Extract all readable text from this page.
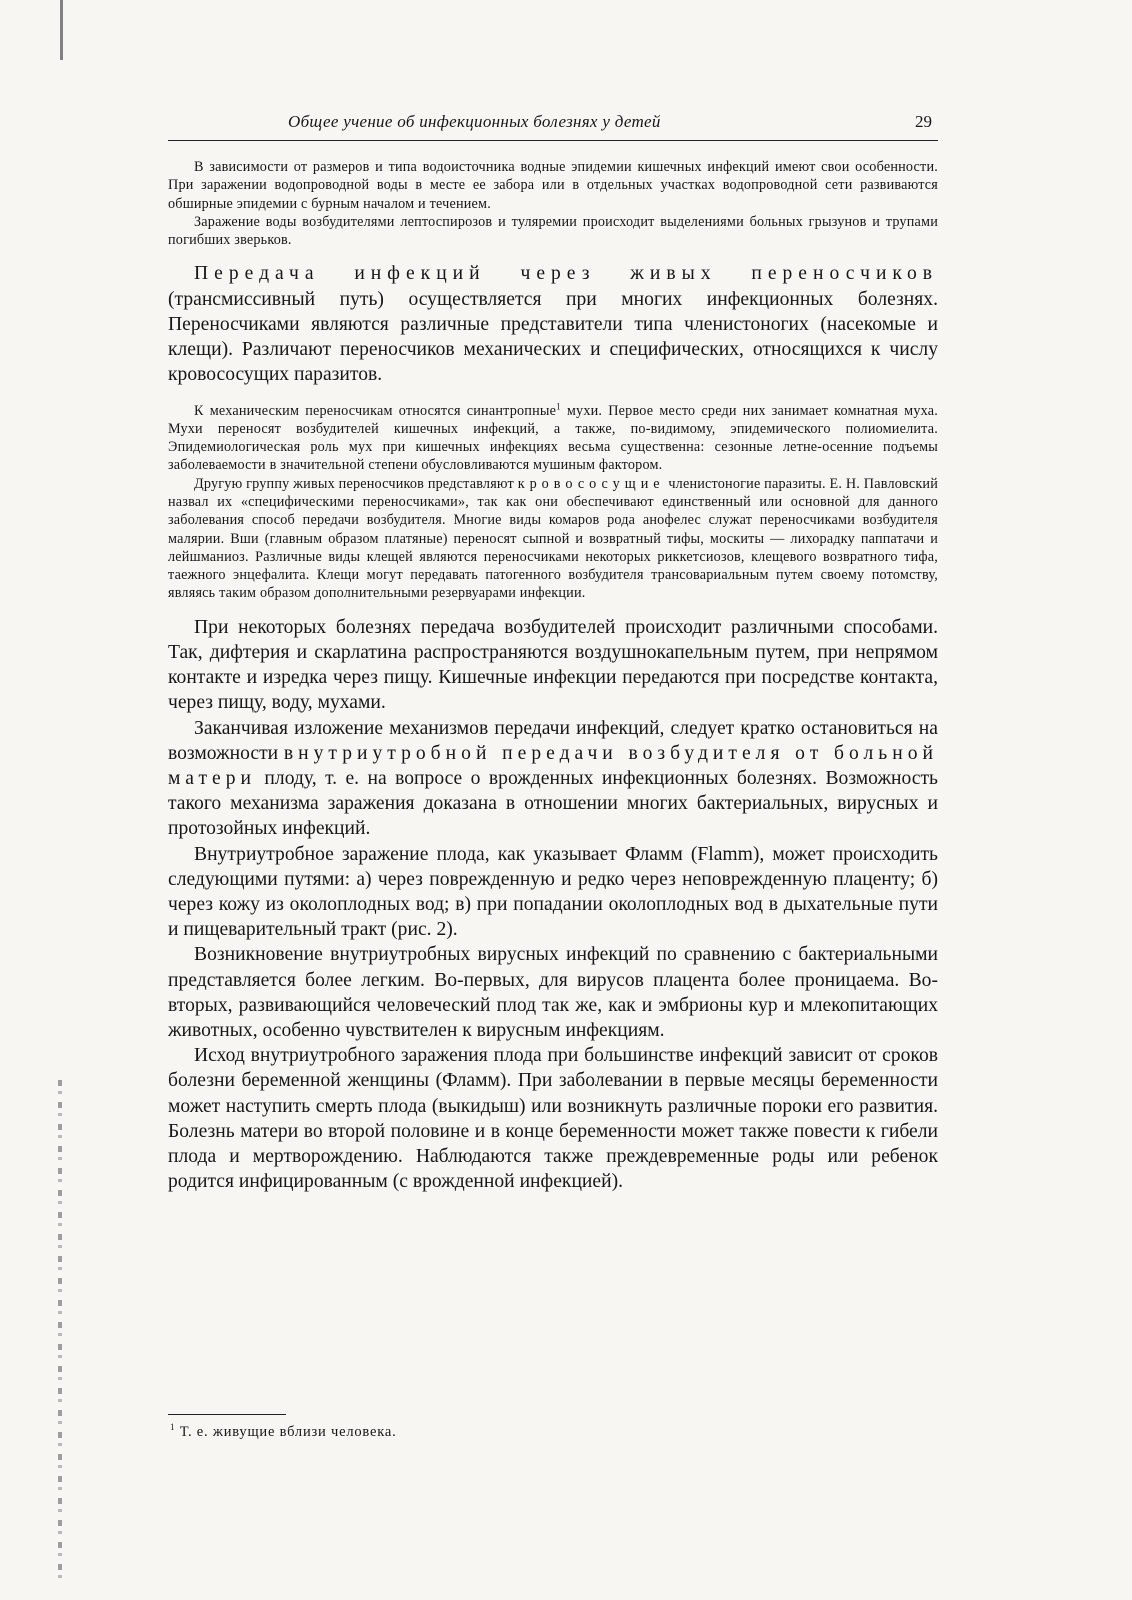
Общее учение об инфекционных болезнях у детей	29

В зависимости от размеров и типа водоисточника водные эпидемии кишечных инфекций имеют свои особенности. При заражении водопроводной воды в месте ее забора или в отдельных участках водопроводной сети развиваются обширные эпидемии с бурным началом и течением.

Заражение воды возбудителями лептоспирозов и туляремии происходит выделениями больных грызунов и трупами погибших зверьков.

Передача инфекций через живых переносчиков (трансмиссивный путь) осуществляется при многих инфекционных болезнях. Переносчиками являются различные представители типа членистоногих (насекомые и клещи). Различают переносчиков механических и специфических, относящихся к числу кровососущих паразитов.

К механическим переносчикам относятся синантропные$^1$ мухи. Первое место среди них занимает комнатная муха. Мухи переносят возбудителей кишечных инфекций, а также, по-видимому, эпидемического полиомиелита. Эпидемиологическая роль мух при кишечных инфекциях весьма существенна: сезонные летне-осенние подъемы заболеваемости в значительной степени обусловливаются мушиным фактором.

Другую группу живых переносчиков представляют кровососущие членистоногие паразиты. Е. Н. Павловский назвал их «специфическими переносчиками», так как они обеспечивают единственный или основной для данного заболевания способ передачи возбудителя. Многие виды комаров рода анофелес служат переносчиками возбудителя малярии. Вши (главным образом платяные) переносят сыпной и возвратный тифы, москиты — лихорадку паппатачи и лейшманиоз. Различные виды клещей являются переносчиками некоторых риккетсиозов, клещевого возвратного тифа, таежного энцефалита. Клещи могут передавать патогенного возбудителя трансовариальным путем своему потомству, являясь таким образом дополнительными резервуарами инфекции.

При некоторых болезнях передача возбудителей происходит различными способами. Так, дифтерия и скарлатина распространяются воздушнокапельным путем, при непрямом контакте и изредка через пищу. Кишечные инфекции передаются при посредстве контакта, через пищу, воду, мухами.

Заканчивая изложение механизмов передачи инфекций, следует кратко остановиться на возможности внутриутробной передачи возбудителя от больной матери плоду, т. е. на вопросе о врожденных инфекционных болезнях. Возможность такого механизма заражения доказана в отношении многих бактериальных, вирусных и протозойных инфекций.

Внутриутробное заражение плода, как указывает Фламм (Flamm), может происходить следующими путями: а) через поврежденную и редко через неповрежденную плаценту; б) через кожу из околоплодных вод; в) при попадании околоплодных вод в дыхательные пути и пищеварительный тракт (рис. 2).

Возникновение внутриутробных вирусных инфекций по сравнению с бактериальными представляется более легким. Во-первых, для вирусов плацента более проницаема. Во-вторых, развивающийся человеческий плод так же, как и эмбрионы кур и млекопитающих животных, особенно чувствителен к вирусным инфекциям.

Исход внутриутробного заражения плода при большинстве инфекций зависит от сроков болезни беременной женщины (Фламм). При заболевании в первые месяцы беременности может наступить смерть плода (выкидыш) или возникнуть различные пороки его развития. Болезнь матери во второй половине и в конце беременности может также повести к гибели плода и мертворождению. Наблюдаются также преждевременные роды или ребенок родится инфицированным (с врожденной инфекцией).

$^1$ Т. е. живущие вблизи человека.
